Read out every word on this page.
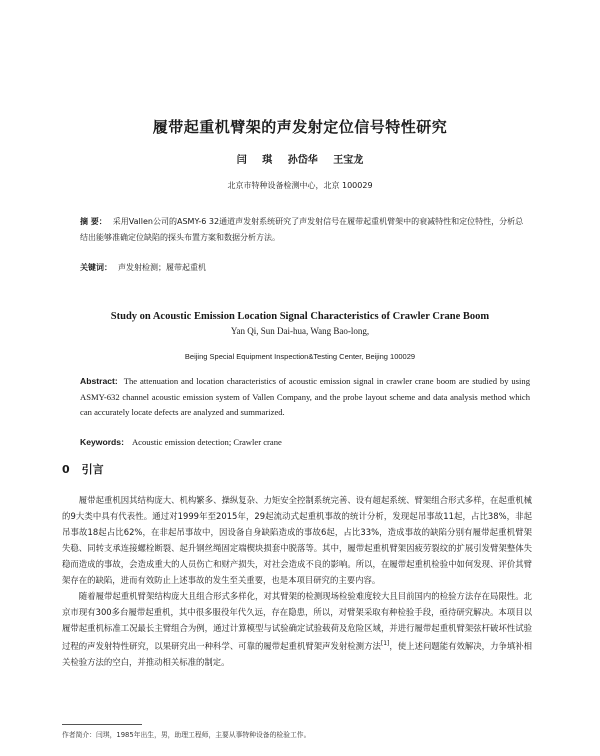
履带起重机臂架的声发射定位信号特性研究
闫 琪 孙岱华 王宝龙
北京市特种设备检测中心，北京 100029
摘 要： 采用Vallen公司的ASMY-6 32通道声发射系统研究了声发射信号在履带起重机臂架中的衰减特性和定位特性，分析总结出能够准确定位缺陷的探头布置方案和数据分析方法。
关键词： 声发射检测；履带起重机
Study on Acoustic Emission Location Signal Characteristics of Crawler Crane Boom
Yan Qi, Sun Dai-hua, Wang Bao-long,
Beijing Special Equipment Inspection&Testing Center, Beijing 100029
Abstract: The attenuation and location characteristics of acoustic emission signal in crawler crane boom are studied by using ASMY-632 channel acoustic emission system of Vallen Company, and the probe layout scheme and data analysis method which can accurately locate defects are analyzed and summarized.
Keywords: Acoustic emission detection; Crawler crane
0 引言

履带起重机因其结构庞大、机构繁多、操纵复杂、力矩安全控制系统完善、设有超起系统、臂架组合形式多样，在起重机械的9大类中具有代表性。通过对1999年至2015年，29起流动式起重机事故的统计分析，发现起吊事故11起，占比38%，非起吊事故18起占比62%，在非起吊事故中，因设备自身缺陷造成的事故6起，占比33%，造成事故的缺陷分别有履带起重机臂架失稳、同转支承连接螺栓断裂、起升钢丝绳固定端楔块损套中脱落等。其中，履带起重机臂架因疲劳裂纹的扩展引发臂架整体失稳而造成的事故，会造成重大的人员伤亡和财产损失，对社会造成不良的影响。所以，在履带起重机检验中如何发现、评价其臂架存在的缺陷，进而有效防止上述事故的发生至关重要，也是本项目研究的主要内容。

随着履带起重机臂架结构庞大且组合形式多样化，对其臂架的检测现场检验难度较大且目前国内的检验方法存在局限性。北京市现有300多台履带起重机，其中很多服役年代久远，存在隐患，所以，对臂架采取有种检验手段，亟待研究解决。本项目以履带起重机标准工况最长主臂组合为例，通过计算模型与试验确定试验载荷及危险区域，并进行履带起重机臂架弦杆破坏性试验过程的声发射特性研究，以果研究出一种科学、可靠的履带起重机臂架声发射检测方法[1]，使上述问题能有效解决，力争填补相关检验方法的空白，并推动相关标准的制定。

作者简介：闫琪，1985年出生，男，助理工程师，主要从事特种设备的检验工作。
